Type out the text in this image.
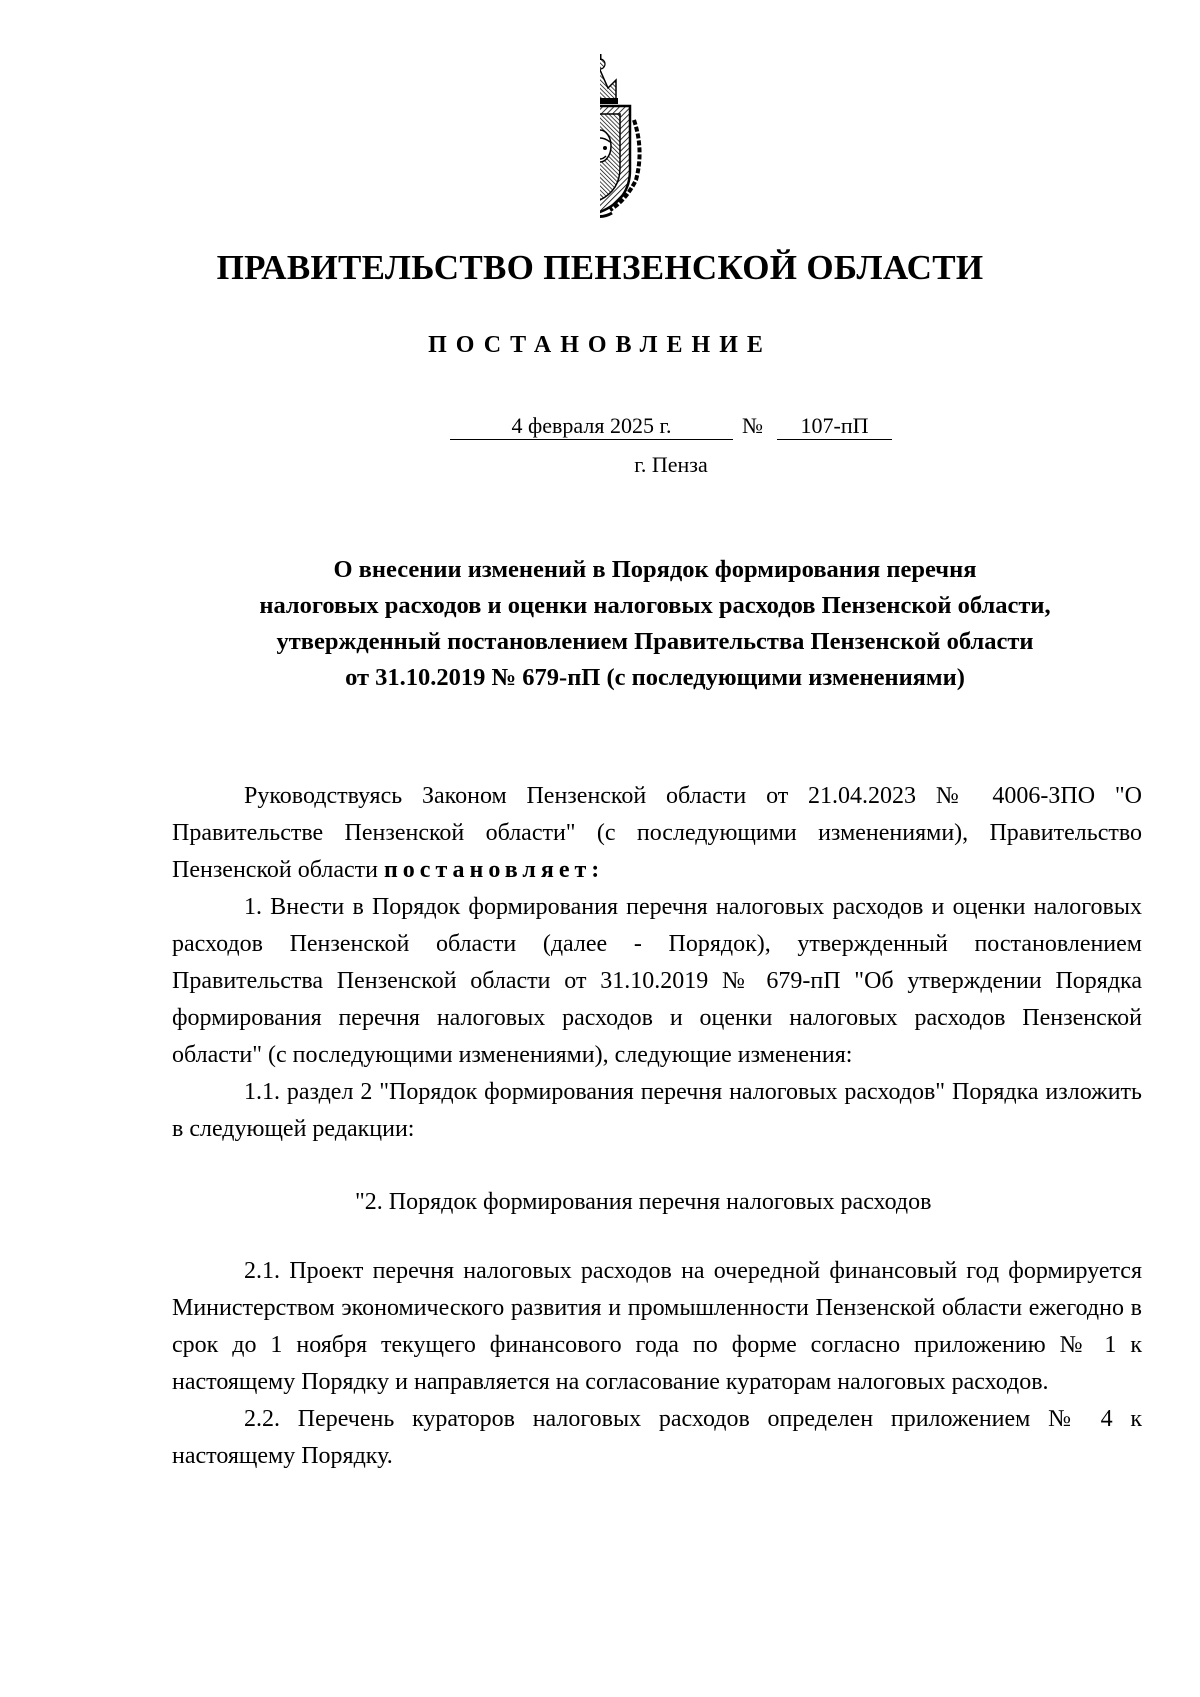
ПРАВИТЕЛЬСТВО ПЕНЗЕНСКОЙ ОБЛАСТИ
ПОСТАНОВЛЕНИЕ
4 февраля 2025 г.	№	107-пП
г. Пенза
О внесении изменений в Порядок формирования перечня
налоговых расходов и оценки налоговых расходов Пензенской области,
утвержденный постановлением Правительства Пензенской области
от 31.10.2019 № 679-пП (с последующими изменениями)

Руководствуясь Законом Пензенской области от 21.04.2023 № 4006-ЗПО "О Правительстве Пензенской области" (с последующими изменениями), Правительство Пензенской области постановляет:

1. Внести в Порядок формирования перечня налоговых расходов и оценки налоговых расходов Пензенской области (далее - Порядок), утвержденный постановлением Правительства Пензенской области от 31.10.2019 № 679-пП "Об утверждении Порядка формирования перечня налоговых расходов и оценки налоговых расходов Пензенской области" (с последующими изменениями), следующие изменения:

1.1. раздел 2 "Порядок формирования перечня налоговых расходов" Порядка изложить в следующей редакции:

"2. Порядок формирования перечня налоговых расходов

2.1. Проект перечня налоговых расходов на очередной финансовый год формируется Министерством экономического развития и промышленности Пензенской области ежегодно в срок до 1 ноября текущего финансового года по форме согласно приложению № 1 к настоящему Порядку и направляется на согласование кураторам налоговых расходов.

2.2. Перечень кураторов налоговых расходов определен приложением № 4 к настоящему Порядку.
